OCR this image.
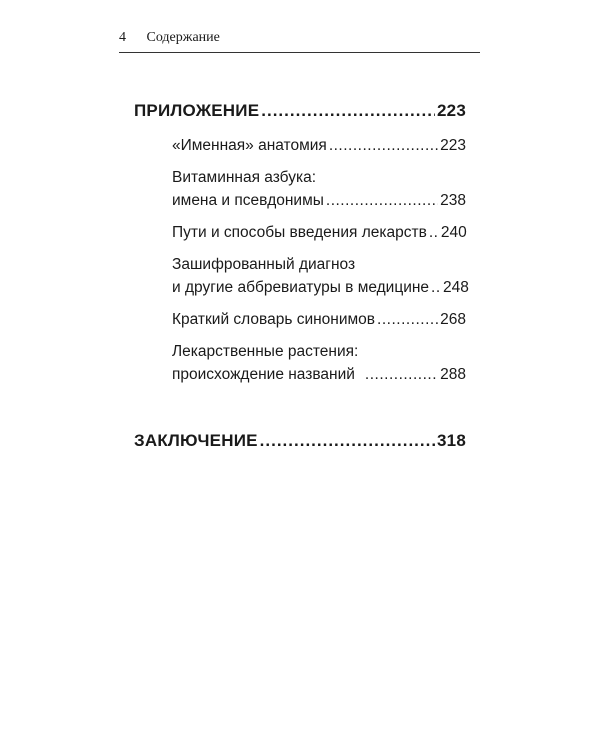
4 Содержание
ПРИЛОЖЕНИЕ .....	223
«Именная» анатомия .....	223
Витаминная азбука:
имена и псевдонимы .....	238
Пути и способы введения лекарств ..... 240
Зашифрованный диагноз
и другие аббревиатуры в медицине ..... 248
Краткий словарь синонимов .....	268
Лекарственные растения:
происхождение названий .....	288
ЗАКЛЮЧЕНИЕ .....	318
